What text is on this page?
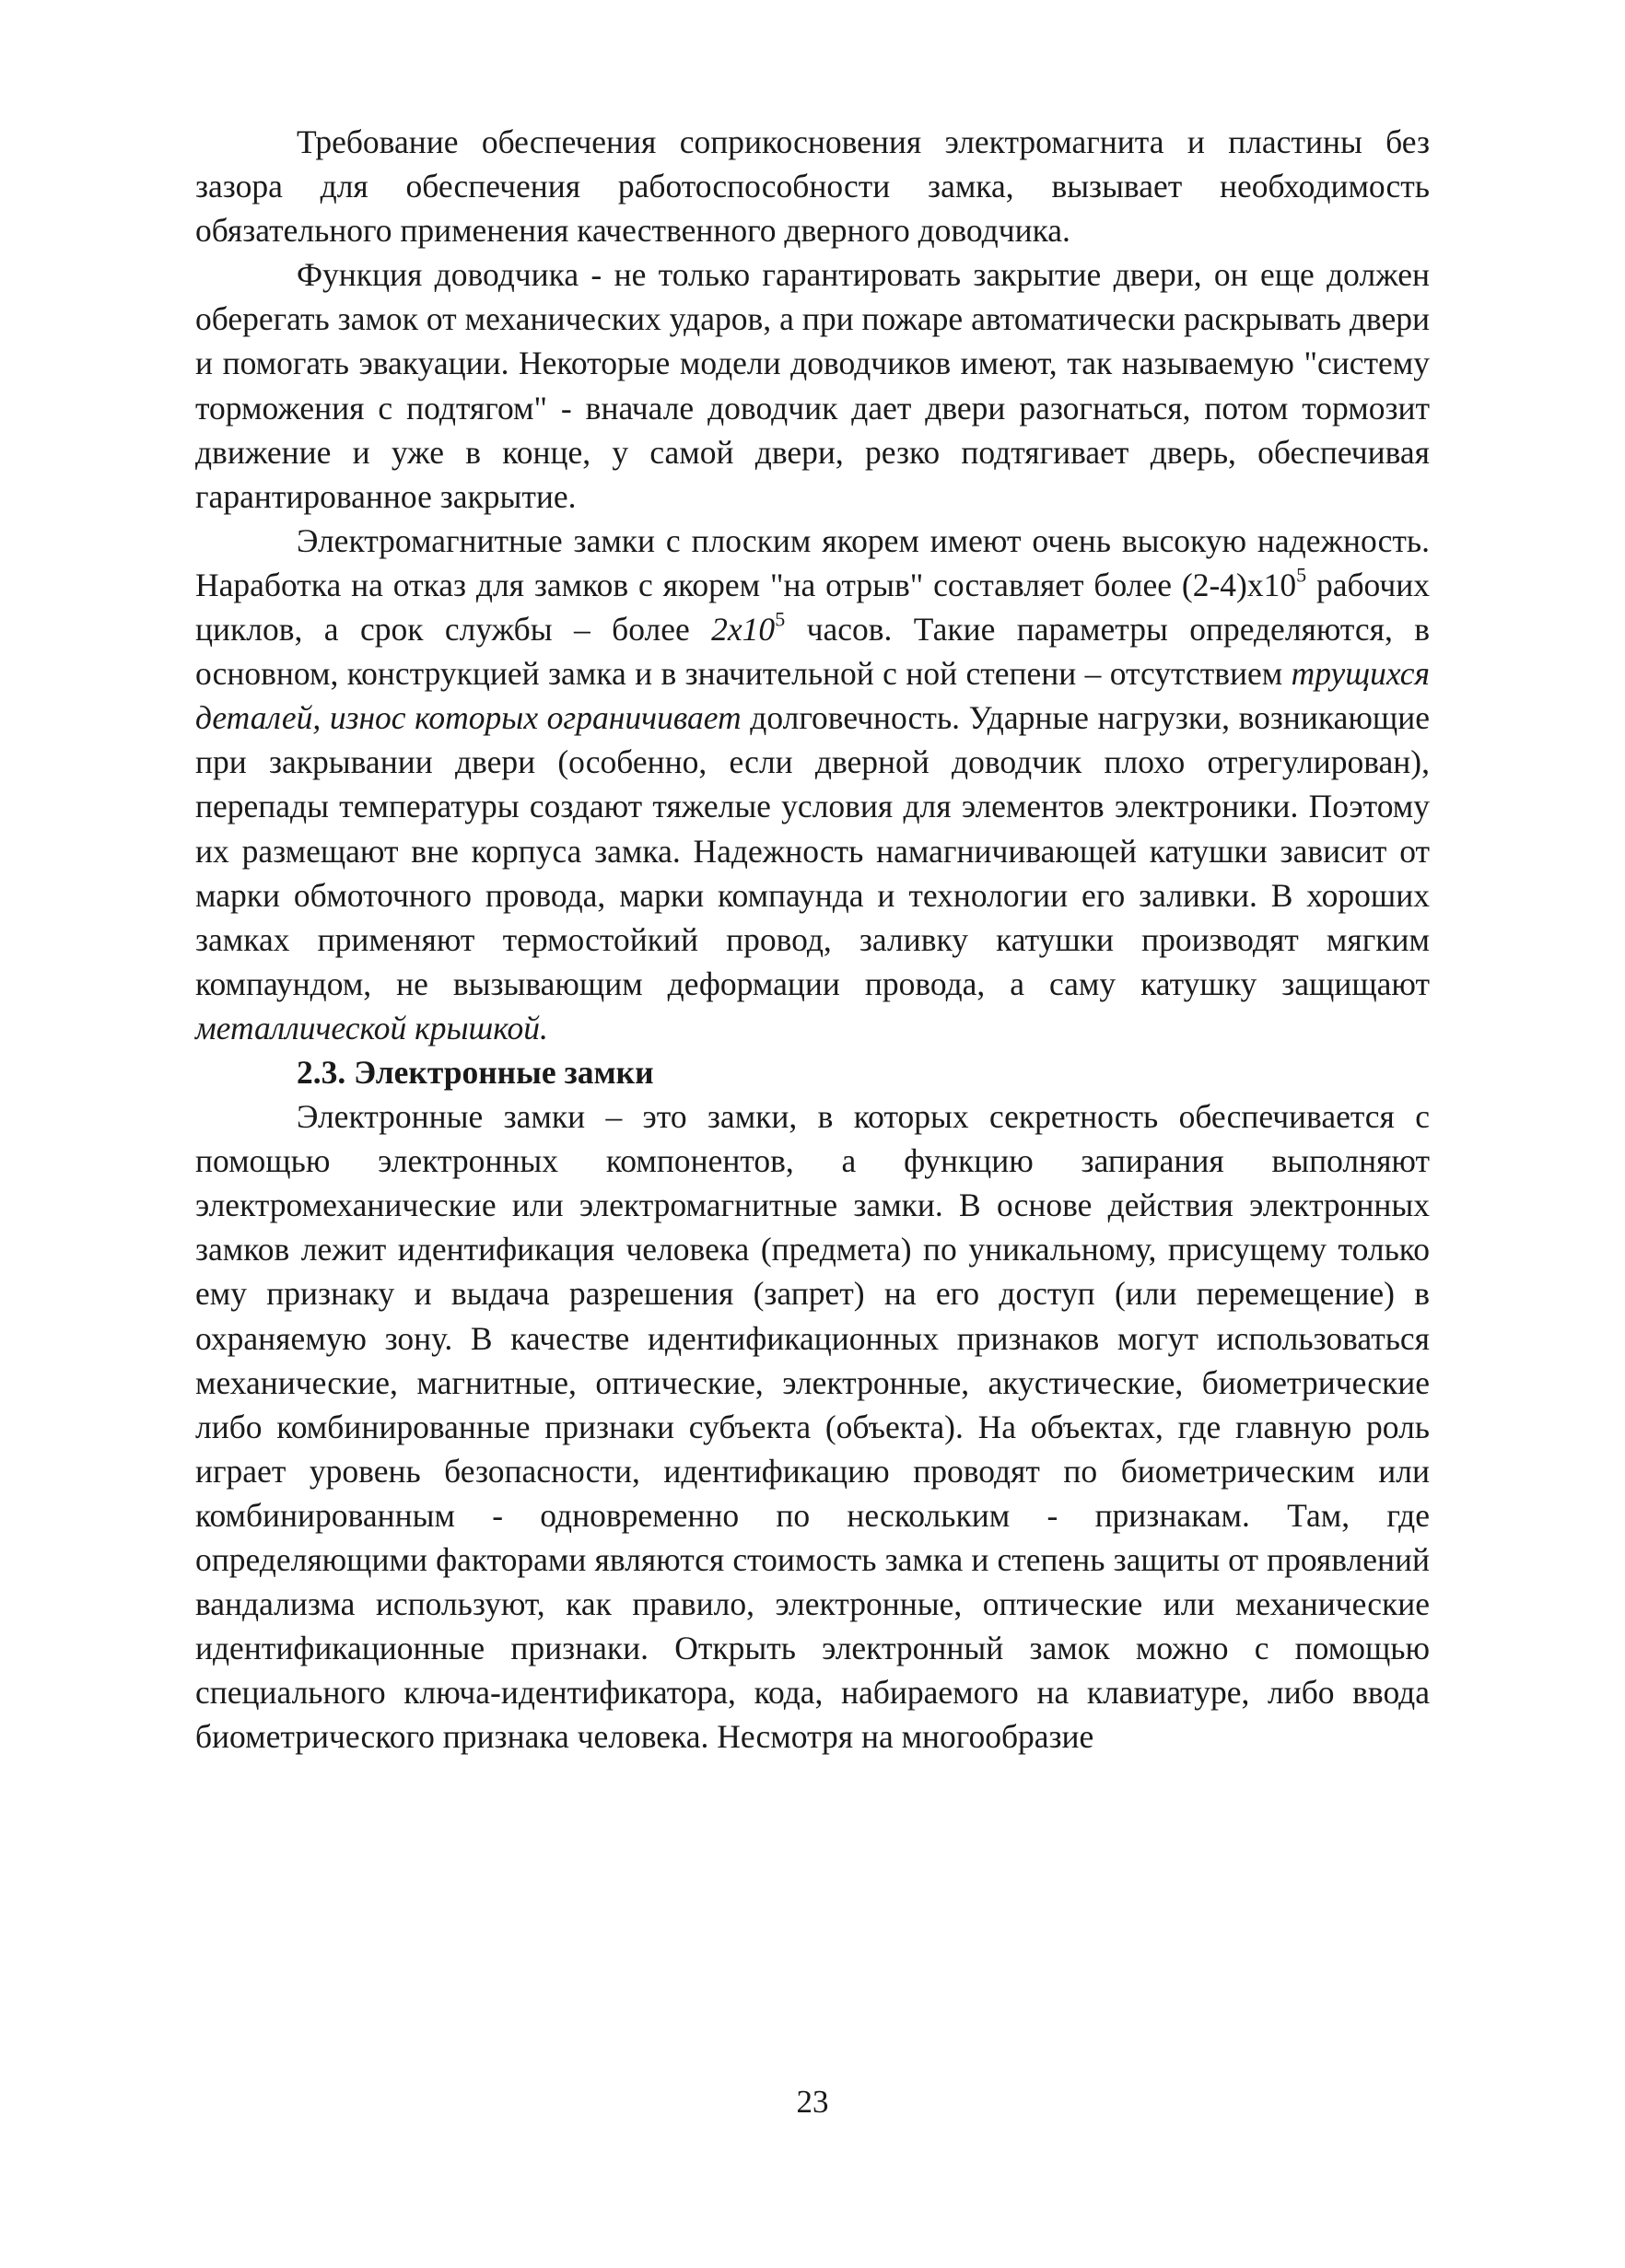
Требование обеспечения соприкосновения электромагнита и пластины без зазора для обеспечения работоспособности замка, вызывает необходимость обязательного применения качественного дверного доводчика.

Функция доводчика - не только гарантировать закрытие двери, он еще должен оберегать замок от механических ударов, а при пожаре автоматически раскрывать двери и помогать эвакуации. Некоторые модели доводчиков имеют, так называемую "систему торможения с подтягом" - вначале доводчик дает двери разогнаться, потом тормозит движение и уже в конце, у самой двери, резко подтягивает дверь, обеспечивая гарантированное закрытие.

Электромагнитные замки с плоским якорем имеют очень высокую надежность. Наработка на отказ для замков с якорем "на отрыв" составляет более $(2-4)x10^5$ рабочих циклов, а срок службы – более $2x10^5$ часов. Такие параметры определяются, в основном, конструкцией замка и в значительной с ной степени – отсутствием трущихся деталей, износ которых ограничивает долговечность. Ударные нагрузки, возникающие при закрывании двери (особенно, если дверной доводчик плохо отрегулирован), перепады температуры создают тяжелые условия для элементов электроники. Поэтому их размещают вне корпуса замка. Надежность намагничивающей катушки зависит от марки обмоточного провода, марки компаунда и технологии его заливки. В хороших замках применяют термостойкий провод, заливку катушки производят мягким компаундом, не вызывающим деформации провода, а саму катушку защищают металлической крышкой.

2.3. Электронные замки

Электронные замки – это замки, в которых секретность обеспечивается с помощью электронных компонентов, а функцию запирания выполняют электромеханические или электромагнитные замки. В основе действия электронных замков лежит идентификация человека (предмета) по уникальному, присущему только ему признаку и выдача разрешения (запрет) на его доступ (или перемещение) в охраняемую зону. В качестве идентификационных признаков могут использоваться механические, магнитные, оптические, электронные, акустические, биометрические либо комбинированные признаки субъекта (объекта). На объектах, где главную роль играет уровень безопасности, идентификацию проводят по биометрическим или комбинированным - одновременно по нескольким - признакам. Там, где определяющими факторами являются стоимость замка и степень защиты от проявлений вандализма используют, как правило, электронные, оптические или механические идентификационные признаки. Открыть электронный замок можно с помощью специального ключа-идентификатора, кода, набираемого на клавиатуре, либо ввода биометрического признака человека. Несмотря на многообразие

23
